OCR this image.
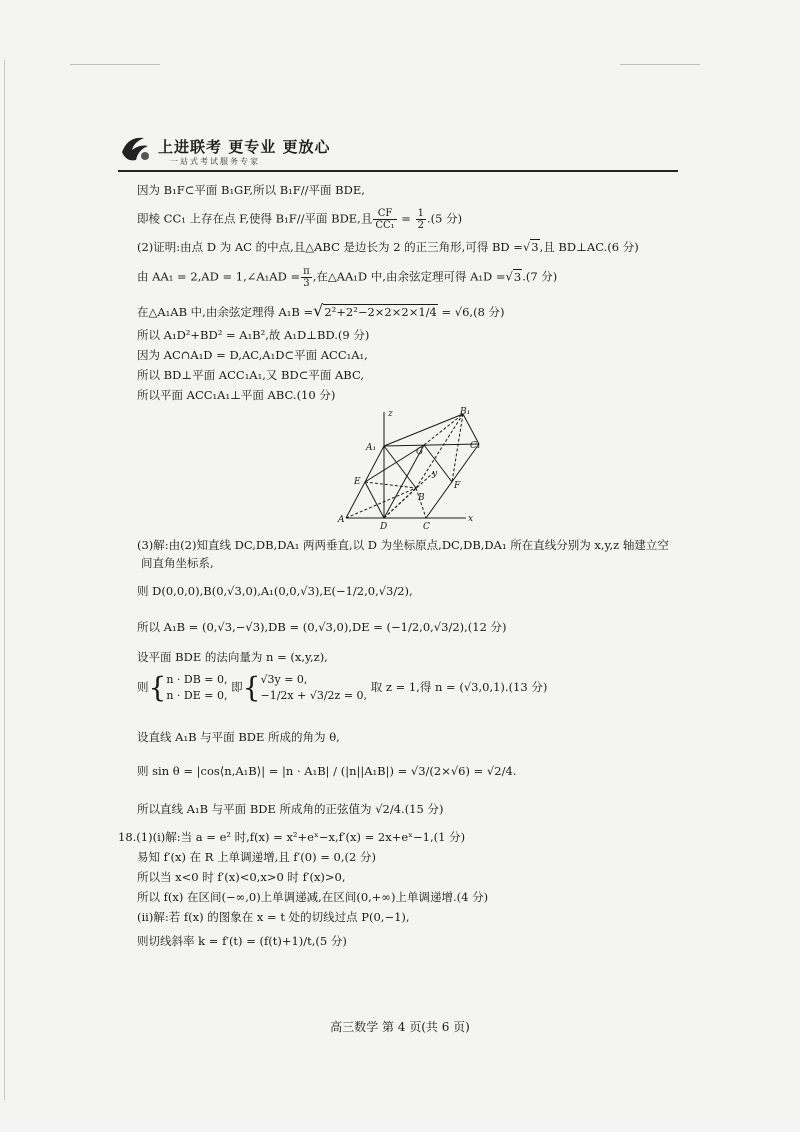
上进联考 更专业 更放心
一站式考试服务专家
因为 B₁F⊂平面 B₁GF,所以 B₁F//平面 BDE,
即棱 CC₁ 上存在点 F,使得 B₁F//平面 BDE,且 $\frac{CF}{\text{CC₁}} = \frac{1}{2} .(5$ 分)
(2)证明:由点 D 为 AC 的中点,且△ABC 是边长为 2 的正三角形,可得 BD =√3,且 BD⊥AC.(6 分)
由 AA₁ = 2,AD = 1,∠A₁AD = $\frac{\pi}{3}$ ,在△AA₁D 中,由余弦定理可得 A₁D =√3.(7 分)
在△A₁AB 中,由余弦定理得 A₁B =√2²+2²−2×2×2×1/4 = √6,(8 分)
所以 A₁D²+BD² = A₁B²,故 A₁D⊥BD.(9 分)
因为 AC∩A₁D = D,AC,A₁D⊂平面 ACC₁A₁,
所以 BD⊥平面 ACC₁A₁,又 BD⊂平面 ABC,
所以平面 ACC₁A₁⊥平面 ABC.(10 分)
z	B₁
C₁
A₁	G
y
E	F
B
A
D	C
x
(3)解:由(2)知直线 DC,DB,DA₁ 两两垂直,以 D 为坐标原点,DC,DB,DA₁ 所在直线分别为 x,y,z 轴建立空
间直角坐标系,
则 D(0,0,0),B(0,√3,0),A₁(0,0,√3),E(−1/2,0,√3/2),
所以 A₁B = (0,√3,−√3),DB = (0,√3,0),DE = (−1/2,0,√3/2),(12 分)
设平面 BDE 的法向量为 n = (x,y,z),
则{ n · DB = 0,
n · DE = 0,
即{ √3y = 0,
−1/2x + √3/2z = 0,
取 z = 1,得 n = (√3,0,1).(13 分)
设直线 A₁B 与平面 BDE 所成的角为 θ,
则 sin θ = |cos⟨n,A₁B⟩| = |n · A₁B| / (|n||A₁B|) = √3/(2×√6) = √2/4.
所以直线 A₁B 与平面 BDE 所成角的正弦值为 √2/4.(15 分)
18.(1)(i)解:当 a = e² 时,f(x) = x²+eˣ−x,f′(x) = 2x+eˣ−1,(1 分)
易知 f′(x) 在 R 上单调递增,且 f′(0) = 0,(2 分)
所以当 x<0 时 f′(x)<0,x>0 时 f′(x)>0,
所以 f(x) 在区间(−∞,0)上单调递减,在区间(0,+∞)上单调递增.(4 分)
(ii)解:若 f(x) 的图象在 x = t 处的切线过点 P(0,−1),
则切线斜率 k = f′(t) = (f(t)+1)/t,(5 分)
高三数学 第 4 页(共 6 页)
